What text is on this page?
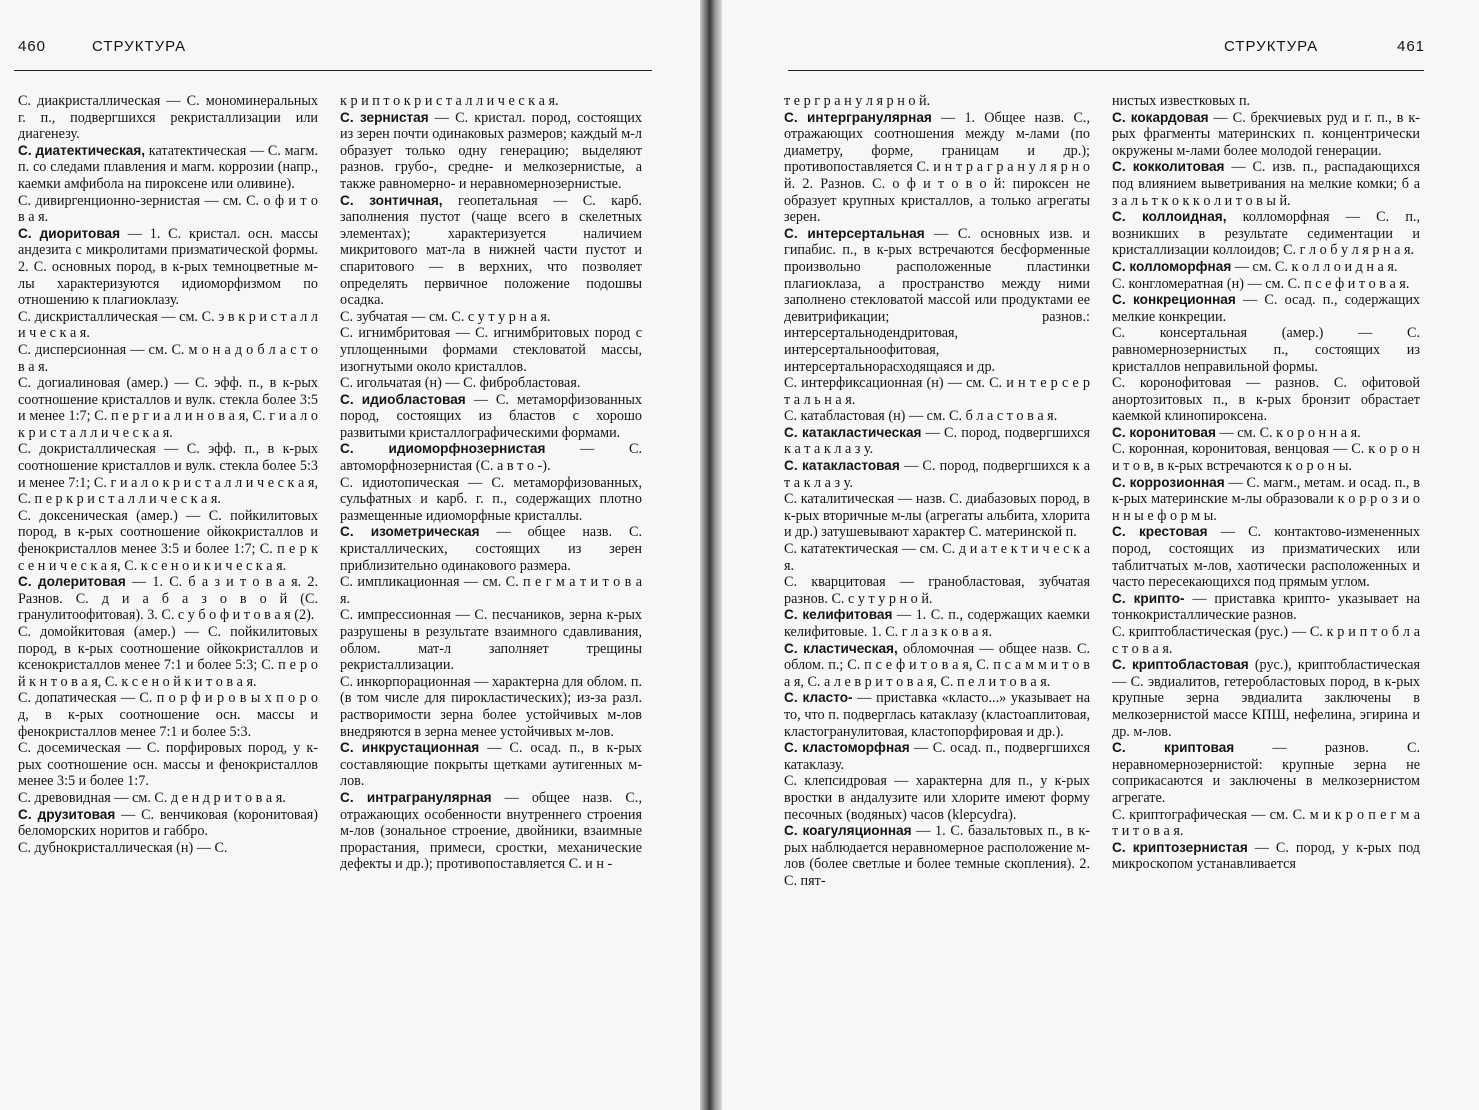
460	СТРУКТУРА

С. диакристаллическая — С. мономинеральных г. п., подвергшихся рекристаллизации или диагенезу.

С. диатектическая, кататектическая — С. магм. п. со следами плавления и магм. коррозии (напр., каемки амфибола на пироксене или оливине).

С. дивиргенционно-зернистая — см. С. о ф и т о в а я.

С. диоритовая — 1. С. кристал. осн. массы андезита с микролитами призматической формы. 2. С. основных пород, в к-рых темноцветные м-лы характеризуются идиоморфизмом по отношению к плагиоклазу.

С. дискристаллическая — см. С. э в к р и с т а л л и ч е с к а я.

С. дисперсионная — см. С. м о н а д о б л а с т о в а я.

С. догиалиновая (амер.) — С. эфф. п., в к-рых соотношение кристаллов и вулк. стекла более 3:5 и менее 1:7; С. п е р г и а л и н о в а я, С. г и а л о к р и с т а л л и ч е с к а я.

С. докристаллическая — С. эфф. п., в к-рых соотношение кристаллов и вулк. стекла более 5:3 и менее 7:1; С. г и а л о к р и с т а л л и ч е с к а я, С. п е р к р и с т а л л и ч е с к а я.

С. доксеническая (амер.) — С. пойкилитовых пород, в к-рых соотношение ойкокристаллов и фенокристаллов менее 3:5 и более 1:7; С. п е р к с е н и ч е с к а я, С. к с е н о и к и ч е с к а я.

С. долеритовая — 1. С. б а з и т о в а я. 2. Разнов. С. д и а б а з о в о й (С. гранулитоофитовая). 3. С. с у б о ф и т о в а я (2).

С. домойкитовая (амер.) — С. пойкилитовых пород, в к-рых соотношение ойкокристаллов и ксенокристаллов менее 7:1 и более 5:3; С. п е р о й к н т о в а я, С. к с е н о й к и т о в а я.

С. допатическая — С. п о р ф и р о в ы х п о р о д, в к-рых соотношение осн. массы и фенокристаллов менее 7:1 и более 5:3.

С. досемическая — С. порфировых пород, у к-рых соотношение осн. массы и фенокристаллов менее 3:5 и более 1:7.

С. древовидная — см. С. д е н д р и т о в а я.

С. друзитовая — С. венчиковая (коронитовая) беломорских норитов и габбро.

С. дубнокристаллическая (н) — С.

к р и п т о к р и с т а л л и ч е с к а я.

С. зернистая — С. кристал. пород, состоящих из зерен почти одинаковых размеров; каждый м-л образует только одну генерацию; выделяют разнов. грубо-, средне- и мелкозернистые, а также равномерно- и неравномернозернистые.

С. зонтичная, геопетальная — С. карб. заполнения пустот (чаще всего в скелетных элементах); характеризуется наличием микритового мат-ла в нижней части пустот и спаритового — в верхних, что позволяет определять первичное положение подошвы осадка.

С. зубчатая — см. С. с у т у р н а я.

С. игнимбритовая — С. игнимбритовых пород с уплощенными формами стекловатой массы, изогнутыми около кристаллов.

С. игольчатая (н) — С. фибробластовая.

С. идиобластовая — С. метаморфизованных пород, состоящих из бластов с хорошо развитыми кристаллографическими формами.

С. идиоморфнозернистая — С. автоморфнозернистая (С. а в т о -).

С. идиотопическая — С. метаморфизованных, сульфатных и карб. г. п., содержащих плотно размещенные идиоморфные кристаллы.

С. изометрическая — общее назв. С. кристаллических, состоящих из зерен приблизительно одинакового размера.

С. импликационная — см. С. п е г м а т и т о в а я.

С. импрессионная — С. песчаников, зерна к-рых разрушены в результате взаимного сдавливания, облом. мат-л заполняет трещины рекристаллизации.

С. инкорпорационная — характерна для облом. п. (в том числе для пирокластических); из-за разл. растворимости зерна более устойчивых м-лов внедряются в зерна менее устойчивых м-лов.

С. инкрустационная — С. осад. п., в к-рых составляющие покрыты щетками аутигенных м-лов.

С. интрагранулярная — общее назв. С., отражающих особенности внутреннего строения м-лов (зональное строение, двойники, взаимные прорастания, примеси, сростки, механические дефекты и др.); противопоставляется С. и н -

СТРУКТУРА	461

т е р г р а н у л я р н о й.

С. интергранулярная — 1. Общее назв. С., отражающих соотношения между м-лами (по диаметру, форме, границам и др.); противопоставляется С. и н т р а г р а н у л я р н о й. 2. Разнов. С. о ф и т о в о й: пироксен не образует крупных кристаллов, а только агрегаты зерен.

С. интерсертальная — С. основных изв. и гипабис. п., в к-рых встречаются бесформенные произвольно расположенные пластинки плагиоклаза, а пространство между ними заполнено стекловатой массой или продуктами ее девитрификации; разнов.: интерсертальнодендритовая, интерсертальноофитовая, интерсертальнорасходящаяся и др.

С. интерфиксационная (н) — см. С. и н т е р с е р т а л ь н а я.

С. катабластовая (н) — см. С. б л а с т о в а я.

С. катакластическая — С. пород, подвергшихся к а т а к л а з у.

С. катакластовая — С. пород, подвергшихся к а т а к л а з у.

С. каталитическая — назв. С. диабазовых пород, в к-рых вторичные м-лы (агрегаты альбита, хлорита и др.) затушевывают характер С. материнской п.

С. кататектическая — см. С. д и а т е к т и ч е с к а я.

С. кварцитовая — гранобластовая, зубчатая разнов. С. с у т у р н о й.

С. келифитовая — 1. С. п., содержащих каемки келифитовые. 1. С. г л а з к о в а я.

С. кластическая, обломочная — общее назв. С. облом. п.; С. п с е ф и т о в а я, С. п с а м м и т о в а я, С. а л е в р и т о в а я, С. п е л и т о в а я.

С. класто- — приставка «класто...» указывает на то, что п. подверглась катаклазу (кластоаплитовая, кластогранулитовая, кластопорфировая и др.).

С. кластоморфная — С. осад. п., подвергшихся катаклазу.

С. клепсидровая — характерна для п., у к-рых вростки в андалузите или хлорите имеют форму песочных (водяных) часов (klepcydra).

С. коагуляционная — 1. С. базальтовых п., в к-рых наблюдается неравномерное расположение м-лов (более светлые и более темные скопления). 2. С. пят-

нистых известковых п.

С. кокардовая — С. брекчиевых руд и г. п., в к-рых фрагменты материнских п. концентрически окружены м-лами более молодой генерации.

С. кокколитовая — С. изв. п., распадающихся под влиянием выветривания на мелкие комки; б а з а л ь т к о к к о л и т о в ы й.

С. коллоидная, колломорфная — С. п., возникших в результате седиментации и кристаллизации коллоидов; С. г л о б у л я р н а я.

С. колломорфная — см. С. к о л л о и д н а я.

С. конгломератная (н) — см. С. п с е ф и т о в а я.

С. конкреционная — С. осад. п., содержащих мелкие конкреции.

С. консертальная (амер.) — С. равномернозернистых п., состоящих из кристаллов неправильной формы.

С. коронофитовая — разнов. С. офитовой анортозитовых п., в к-рых бронзит обрастает каемкой клинопироксена.

С. коронитовая — см. С. к о р о н н а я.

С. коронная, коронитовая, венцовая — С. к о р о н и т о в, в к-рых встречаются к о р о н ы.

С. коррозионная — С. магм., метам. и осад. п., в к-рых материнские м-лы образовали к о р р о з и о н н ы е ф о р м ы.

С. крестовая — С. контактово-измененных пород, состоящих из призматических или таблитчатых м-лов, хаотически расположенных и часто пересекающихся под прямым углом.

С. крипто- — приставка крипто- указывает на тонкокристаллические разнов.

С. криптобластическая (рус.) — С. к р и п т о б л а с т о в а я.

С. криптобластовая (рус.), криптобластическая — С. эвдиалитов, гетеробластовых пород, в к-рых крупные зерна эвдиалита заключены в мелкозернистой массе КПШ, нефелина, эгирина и др. м-лов.

С. криптовая — разнов. С. неравномернозернистой: крупные зерна не соприкасаются и заключены в мелкозернистом агрегате.

С. криптографическая — см. С. м и к р о п е г м а т и т о в а я.

С. криптозернистая — С. пород, у к-рых под микроскопом устанавливается
